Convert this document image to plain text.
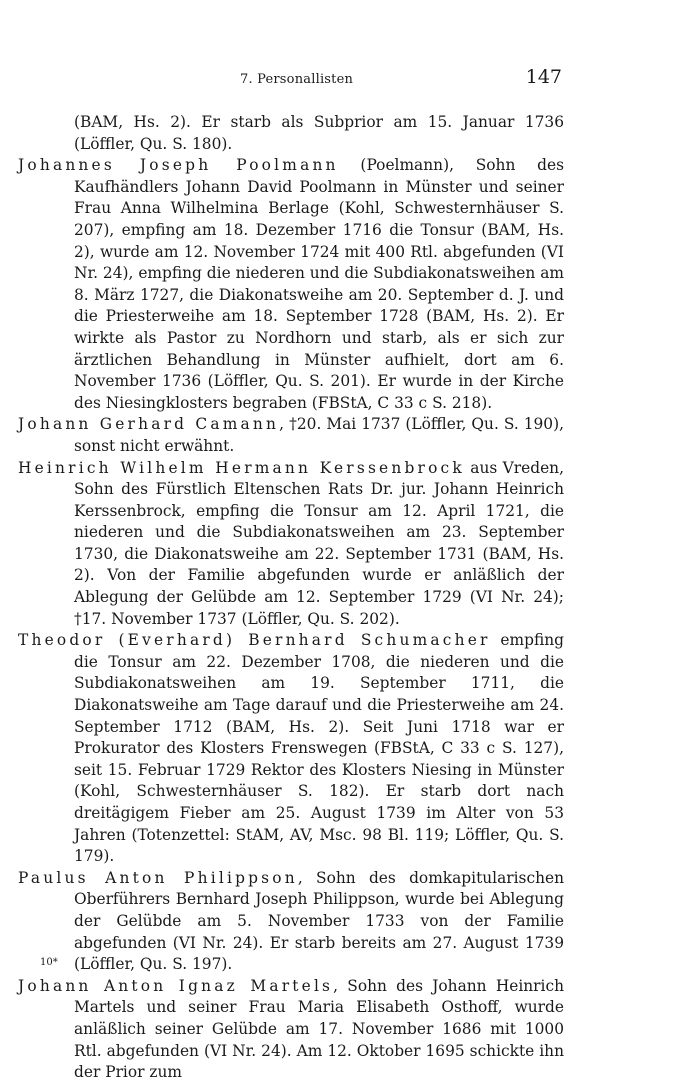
7. Personallisten	147

(BAM, Hs. 2). Er starb als Subprior am 15. Januar 1736 (Löffler, Qu. S. 180).

Johannes Joseph Poolmann (Poelmann), Sohn des Kaufhändlers Johann David Poolmann in Münster und seiner Frau Anna Wilhelmina Berlage (Kohl, Schwesternhäuser S. 207), empfing am 18. Dezember 1716 die Tonsur (BAM, Hs. 2), wurde am 12. November 1724 mit 400 Rtl. abgefunden (VI Nr. 24), empfing die niederen und die Subdiakonatsweihen am 8. März 1727, die Diakonatsweihe am 20. September d. J. und die Priesterweihe am 18. September 1728 (BAM, Hs. 2). Er wirkte als Pastor zu Nordhorn und starb, als er sich zur ärztlichen Behandlung in Münster aufhielt, dort am 6. November 1736 (Löffler, Qu. S. 201). Er wurde in der Kirche des Niesingklosters begraben (FBStA, C 33 c S. 218).

Johann Gerhard Camann, †20. Mai 1737 (Löffler, Qu. S. 190), sonst nicht erwähnt.

Heinrich Wilhelm Hermann Kerssenbrock aus Vreden, Sohn des Fürstlich Eltenschen Rats Dr. jur. Johann Heinrich Kerssenbrock, empfing die Tonsur am 12. April 1721, die niederen und die Subdiakonatsweihen am 23. September 1730, die Diakonatsweihe am 22. September 1731 (BAM, Hs. 2). Von der Familie abgefunden wurde er anläßlich der Ablegung der Gelübde am 12. September 1729 (VI Nr. 24); †17. November 1737 (Löffler, Qu. S. 202).

Theodor (Everhard) Bernhard Schumacher empfing die Tonsur am 22. Dezember 1708, die niederen und die Subdiakonatsweihen am 19. September 1711, die Diakonatsweihe am Tage darauf und die Priesterweihe am 24. September 1712 (BAM, Hs. 2). Seit Juni 1718 war er Prokurator des Klosters Frenswegen (FBStA, C 33 c S. 127), seit 15. Februar 1729 Rektor des Klosters Niesing in Münster (Kohl, Schwesternhäuser S. 182). Er starb dort nach dreitägigem Fieber am 25. August 1739 im Alter von 53 Jahren (Totenzettel: StAM, AV, Msc. 98 Bl. 119; Löffler, Qu. S. 179).

Paulus Anton Philippson, Sohn des domkapitularischen Oberführers Bernhard Joseph Philippson, wurde bei Ablegung der Gelübde am 5. November 1733 von der Familie abgefunden (VI Nr. 24). Er starb bereits am 27. August 1739 (Löffler, Qu. S. 197).

Johann Anton Ignaz Martels, Sohn des Johann Heinrich Martels und seiner Frau Maria Elisabeth Osthoff, wurde anläßlich seiner Gelübde am 17. November 1686 mit 1000 Rtl. abgefunden (VI Nr. 24). Am 12. Oktober 1695 schickte ihn der Prior zum

10*
